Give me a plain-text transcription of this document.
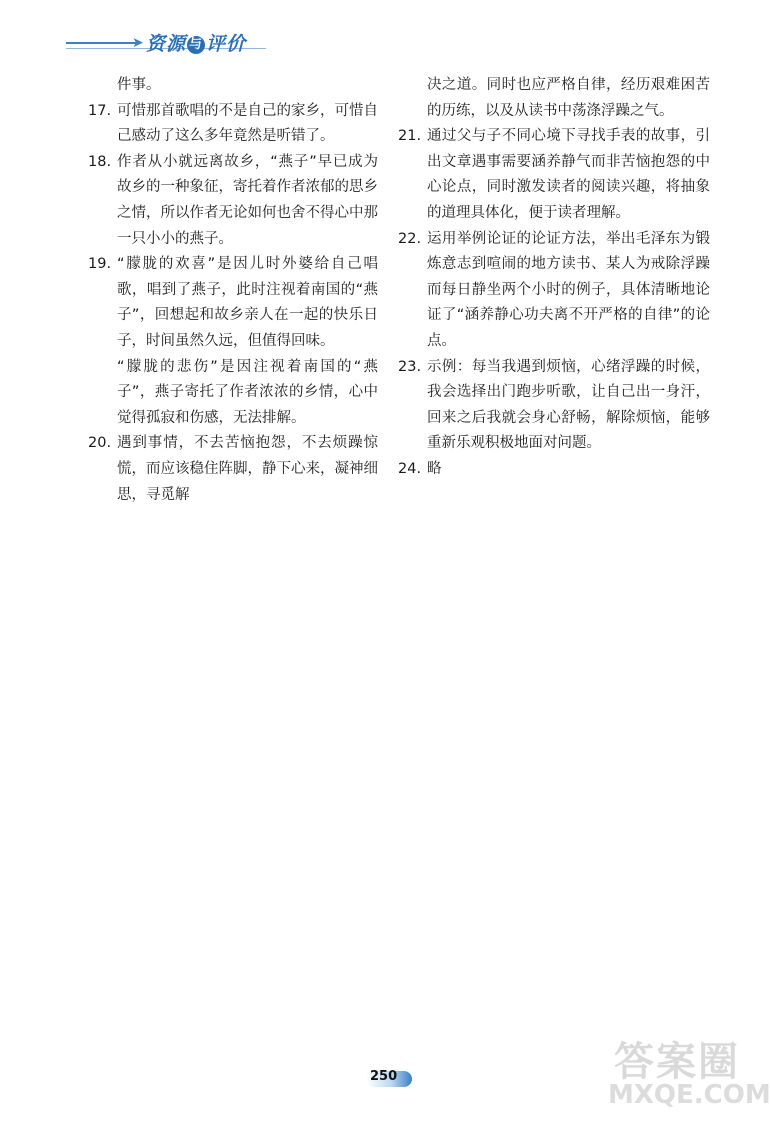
➤ 资源 与 评价
件事。
17. 可惜那首歌唱的不是自己的家乡，可惜自己感动了这么多年竟然是听错了。
18. 作者从小就远离故乡，“燕子”早已成为故乡的一种象征，寄托着作者浓郁的思乡之情，所以作者无论如何也舍不得心中那一只小小的燕子。
19. “朦胧的欢喜”是因儿时外婆给自己唱歌，唱到了燕子，此时注视着南国的“燕子”，回想起和故乡亲人在一起的快乐日子，时间虽然久远，但值得回味。
“朦胧的悲伤”是因注视着南国的“燕子”，燕子寄托了作者浓浓的乡情，心中觉得孤寂和伤感，无法排解。
20. 遇到事情，不去苦恼抱怨，不去烦躁惊慌，而应该稳住阵脚，静下心来，凝神细思，寻觅解
决之道。同时也应严格自律，经历艰难困苦的历练，以及从读书中荡涤浮躁之气。
21. 通过父与子不同心境下寻找手表的故事，引出文章遇事需要涵养静气而非苦恼抱怨的中心论点，同时激发读者的阅读兴趣，将抽象的道理具体化，便于读者理解。
22. 运用举例论证的论证方法，举出毛泽东为锻炼意志到喧闹的地方读书、某人为戒除浮躁而每日静坐两个小时的例子，具体清晰地论证了“涵养静心功夫离不开严格的自律”的论点。
23. 示例：每当我遇到烦恼，心绪浮躁的时候，我会选择出门跑步听歌，让自己出一身汗，回来之后我就会身心舒畅，解除烦恼，能够重新乐观积极地面对问题。
24. 略
250	答案圈
MXQE.COM
